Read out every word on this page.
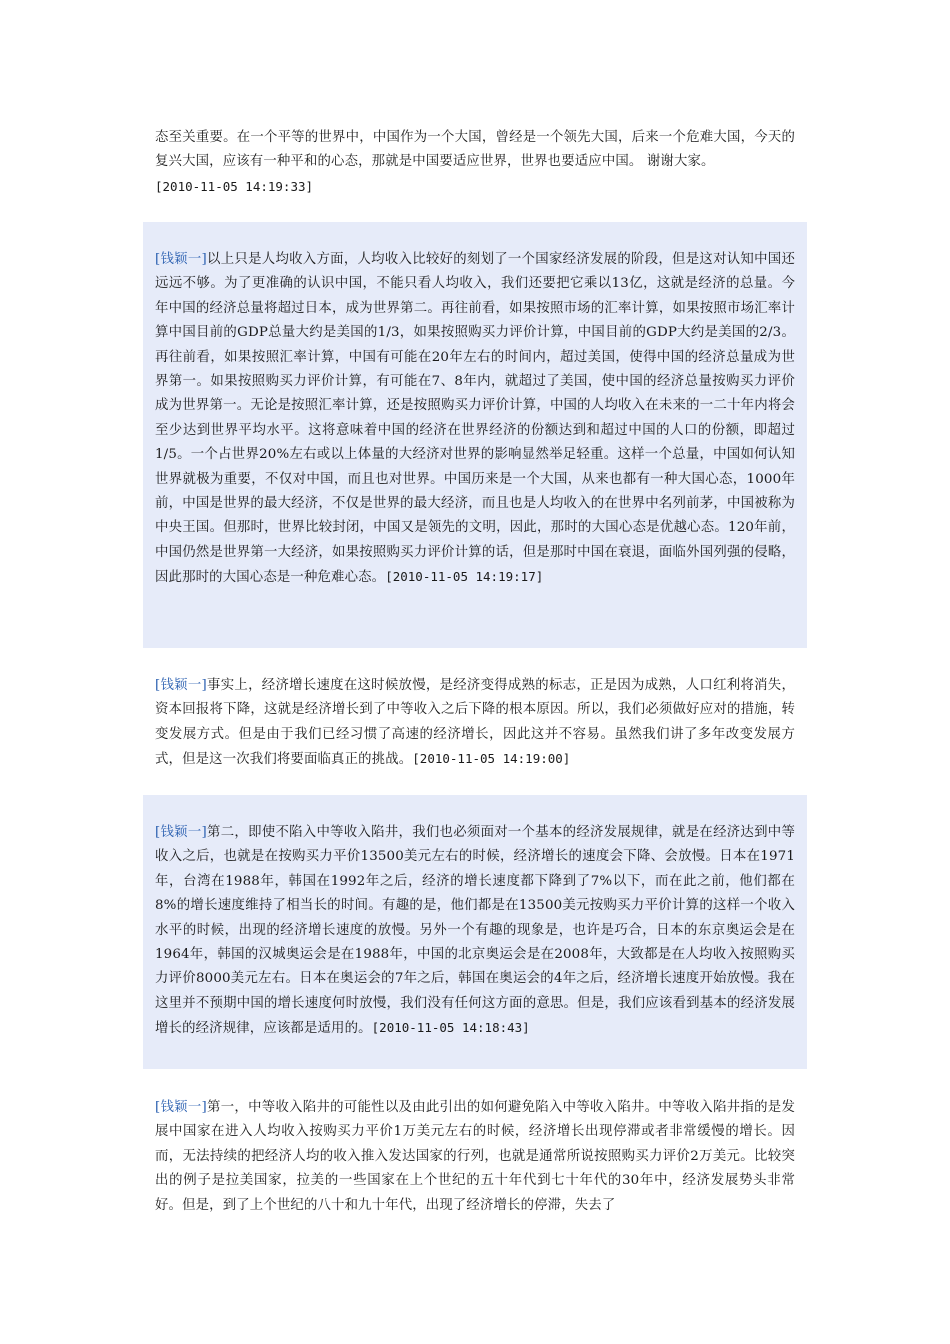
态至关重要。在一个平等的世界中，中国作为一个大国，曾经是一个领先大国，后来一个危难大国，今天的复兴大国，应该有一种平和的心态，那就是中国要适应世界，世界也要适应中国。 谢谢大家。
[2010-11-05 14:19:33]
[钱颖一]以上只是人均收入方面，人均收入比较好的刻划了一个国家经济发展的阶段，但是这对认知中国还远远不够。为了更准确的认识中国，不能只看人均收入，我们还要把它乘以13亿，这就是经济的总量。今年中国的经济总量将超过日本，成为世界第二。再往前看，如果按照市场的汇率计算，如果按照市场汇率计算中国目前的GDP总量大约是美国的1/3，如果按照购买力评价计算，中国目前的GDP大约是美国的2/3。再往前看，如果按照汇率计算，中国有可能在20年左右的时间内，超过美国，使得中国的经济总量成为世界第一。如果按照购买力评价计算，有可能在7、8年内，就超过了美国，使中国的经济总量按购买力评价成为世界第一。无论是按照汇率计算，还是按照购买力评价计算，中国的人均收入在未来的一二十年内将会至少达到世界平均水平。这将意味着中国的经济在世界经济的份额达到和超过中国的人口的份额，即超过1/5。一个占世界20%左右或以上体量的大经济对世界的影响显然举足轻重。这样一个总量，中国如何认知世界就极为重要，不仅对中国，而且也对世界。中国历来是一个大国，从来也都有一种大国心态，1000年前，中国是世界的最大经济，不仅是世界的最大经济，而且也是人均收入的在世界中名列前茅，中国被称为中央王国。但那时，世界比较封闭，中国又是领先的文明，因此，那时的大国心态是优越心态。120年前，中国仍然是世界第一大经济，如果按照购买力评价计算的话，但是那时中国在衰退，面临外国列强的侵略，因此那时的大国心态是一种危难心态。[2010-11-05 14:19:17]
[钱颖一]事实上，经济增长速度在这时候放慢，是经济变得成熟的标志，正是因为成熟，人口红利将消失，资本回报将下降，这就是经济增长到了中等收入之后下降的根本原因。所以，我们必须做好应对的措施，转变发展方式。但是由于我们已经习惯了高速的经济增长，因此这并不容易。虽然我们讲了多年改变发展方式，但是这一次我们将要面临真正的挑战。[2010-11-05 14:19:00]
[钱颖一]第二，即使不陷入中等收入陷井，我们也必须面对一个基本的经济发展规律，就是在经济达到中等收入之后，也就是在按购买力平价13500美元左右的时候，经济增长的速度会下降、会放慢。日本在1971年，台湾在1988年，韩国在1992年之后，经济的增长速度都下降到了7%以下，而在此之前，他们都在8%的增长速度维持了相当长的时间。有趣的是，他们都是在13500美元按购买力平价计算的这样一个收入水平的时候，出现的经济增长速度的放慢。另外一个有趣的现象是，也许是巧合，日本的东京奥运会是在1964年，韩国的汉城奥运会是在1988年，中国的北京奥运会是在2008年，大致都是在人均收入按照购买力评价8000美元左右。日本在奥运会的7年之后，韩国在奥运会的4年之后，经济增长速度开始放慢。我在这里并不预期中国的增长速度何时放慢，我们没有任何这方面的意思。但是，我们应该看到基本的经济发展增长的经济规律，应该都是适用的。[2010-11-05 14:18:43]
[钱颖一]第一，中等收入陷井的可能性以及由此引出的如何避免陷入中等收入陷井。中等收入陷井指的是发展中国家在进入人均收入按购买力平价1万美元左右的时候，经济增长出现停滞或者非常缓慢的增长。因而，无法持续的把经济人均的收入推入发达国家的行列，也就是通常所说按照购买力评价2万美元。比较突出的例子是拉美国家，拉美的一些国家在上个世纪的五十年代到七十年代的30年中，经济发展势头非常好。但是，到了上个世纪的八十和九十年代，出现了经济增长的停滞，失去了
